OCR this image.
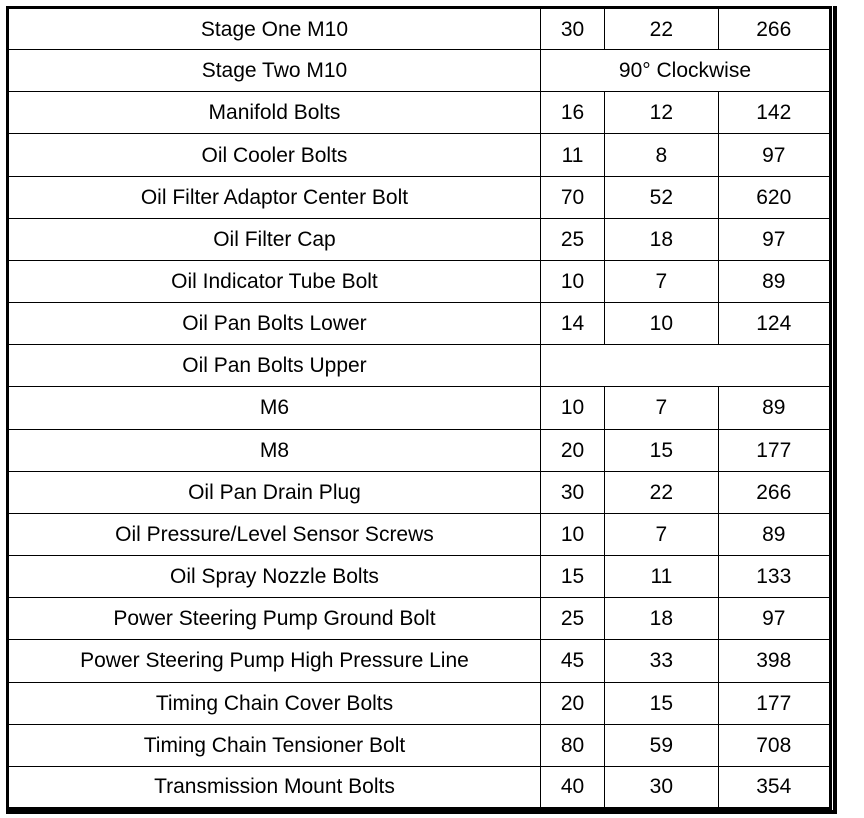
Stage One M10	30	22	266
Stage Two M10	90° Clockwise		
Manifold Bolts	16	12	142
Oil Cooler Bolts	11	8	97
Oil Filter Adaptor Center Bolt	70	52	620
Oil Filter Cap	25	18	97
Oil Indicator Tube Bolt	10	7	89
Oil Pan Bolts Lower	14	10	124
Oil Pan Bolts Upper			
M6	10	7	89
M8	20	15	177
Oil Pan Drain Plug	30	22	266
Oil Pressure/Level Sensor Screws	10	7	89
Oil Spray Nozzle Bolts	15	11	133
Power Steering Pump Ground Bolt	25	18	97
Power Steering Pump High Pressure Line	45	33	398
Timing Chain Cover Bolts	20	15	177
Timing Chain Tensioner Bolt	80	59	708
Transmission Mount Bolts	40	30	354
